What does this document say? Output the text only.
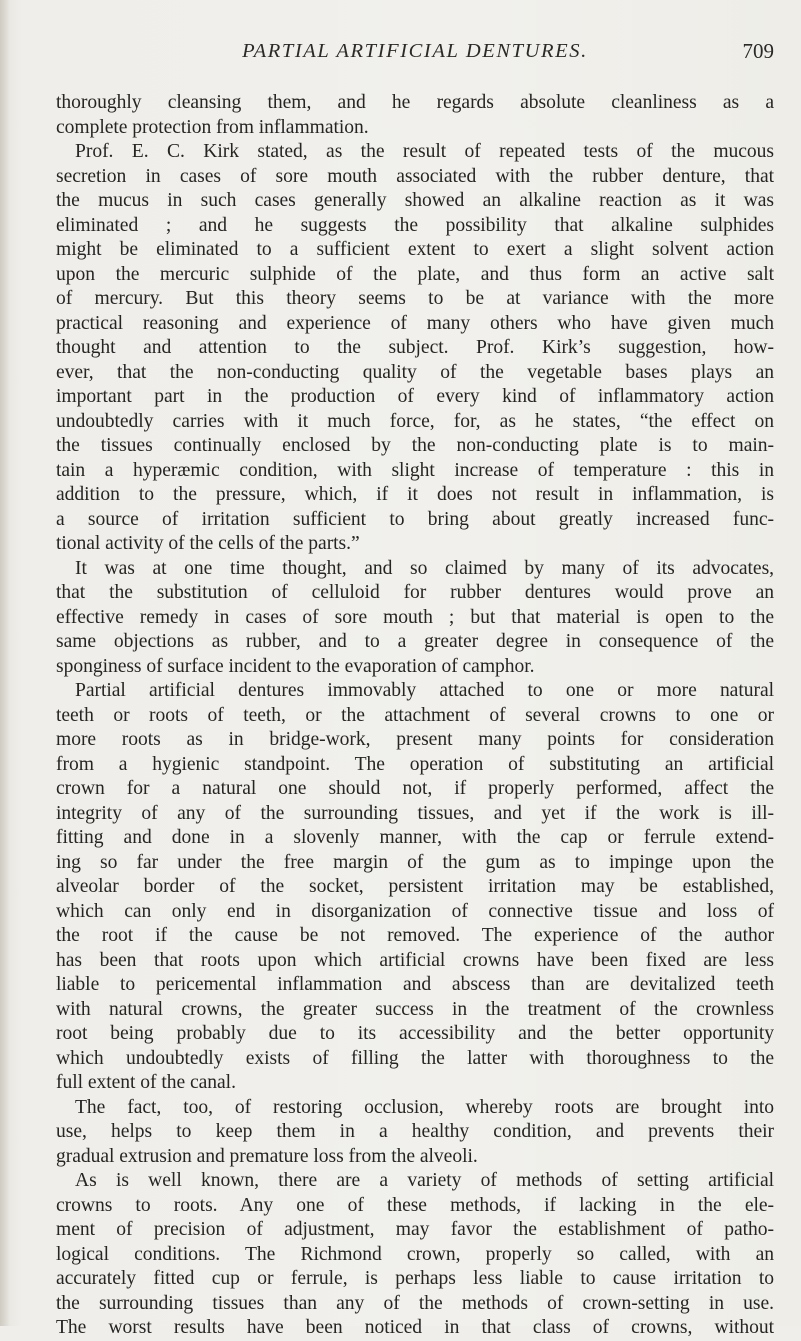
PARTIAL ARTIFICIAL DENTURES.	709
thoroughly cleansing them, and he regards absolute cleanliness as a
complete protection from inflammation.
Prof. E. C. Kirk stated, as the result of repeated tests of the mucous
secretion in cases of sore mouth associated with the rubber denture, that
the mucus in such cases generally showed an alkaline reaction as it was
eliminated ; and he suggests the possibility that alkaline sulphides
might be eliminated to a sufficient extent to exert a slight solvent action
upon the mercuric sulphide of the plate, and thus form an active salt
of mercury. But this theory seems to be at variance with the more
practical reasoning and experience of many others who have given much
thought and attention to the subject. Prof. Kirk’s suggestion, how-
ever, that the non-conducting quality of the vegetable bases plays an
important part in the production of every kind of inflammatory action
undoubtedly carries with it much force, for, as he states, “the effect on
the tissues continually enclosed by the non-conducting plate is to main-
tain a hyperæmic condition, with slight increase of temperature : this in
addition to the pressure, which, if it does not result in inflammation, is
a source of irritation sufficient to bring about greatly increased func-
tional activity of the cells of the parts.”
It was at one time thought, and so claimed by many of its advocates,
that the substitution of celluloid for rubber dentures would prove an
effective remedy in cases of sore mouth ; but that material is open to the
same objections as rubber, and to a greater degree in consequence of the
sponginess of surface incident to the evaporation of camphor.
Partial artificial dentures immovably attached to one or more natural
teeth or roots of teeth, or the attachment of several crowns to one or
more roots as in bridge-work, present many points for consideration
from a hygienic standpoint. The operation of substituting an artificial
crown for a natural one should not, if properly performed, affect the
integrity of any of the surrounding tissues, and yet if the work is ill-
fitting and done in a slovenly manner, with the cap or ferrule extend-
ing so far under the free margin of the gum as to impinge upon the
alveolar border of the socket, persistent irritation may be established,
which can only end in disorganization of connective tissue and loss of
the root if the cause be not removed. The experience of the author
has been that roots upon which artificial crowns have been fixed are less
liable to pericemental inflammation and abscess than are devitalized teeth
with natural crowns, the greater success in the treatment of the crownless
root being probably due to its accessibility and the better opportunity
which undoubtedly exists of filling the latter with thoroughness to the
full extent of the canal.
The fact, too, of restoring occlusion, whereby roots are brought into
use, helps to keep them in a healthy condition, and prevents their
gradual extrusion and premature loss from the alveoli.
As is well known, there are a variety of methods of setting artificial
crowns to roots. Any one of these methods, if lacking in the ele-
ment of precision of adjustment, may favor the establishment of patho-
logical conditions. The Richmond crown, properly so called, with an
accurately fitted cup or ferrule, is perhaps less liable to cause irritation to
the surrounding tissues than any of the methods of crown-setting in use.
The worst results have been noticed in that class of crowns, without
